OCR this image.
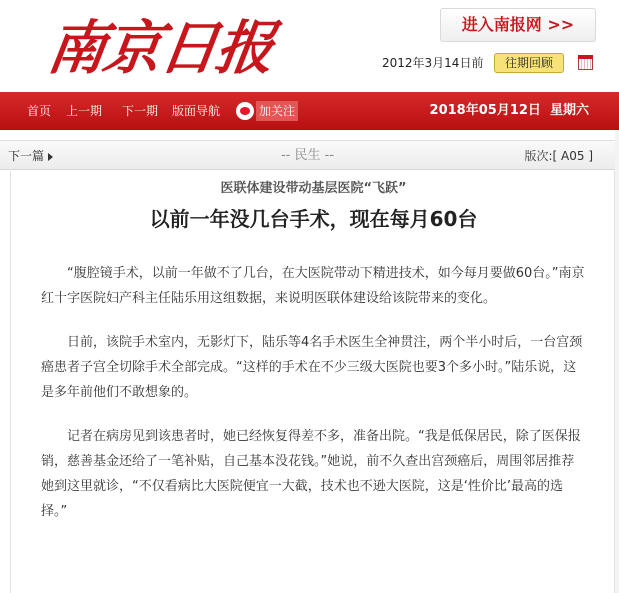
南京日报	进入南报网 >>
2012年3月14日前	往期回顾
首页 上一期 下一期 版面导航	加关注	2018年05月12日 星期六
下一篇	-- 民生 --	版次:[ A05 ]
医联体建设带动基层医院“飞跃”
以前一年没几台手术，现在每月60台

“腹腔镜手术，以前一年做不了几台，在大医院带动下精进技术，如今每月要做60台。”南京红十字医院妇产科主任陆乐用这组数据，来说明医联体建设给该院带来的变化。

日前，该院手术室内，无影灯下，陆乐等4名手术医生全神贯注，两个半小时后，一台宫颈癌患者子宫全切除手术全部完成。“这样的手术在不少三级大医院也要3个多小时。”陆乐说，这是多年前他们不敢想象的。

记者在病房见到该患者时，她已经恢复得差不多，准备出院。“我是低保居民，除了医保报销，慈善基金还给了一笔补贴，自己基本没花钱。”她说，前不久查出宫颈癌后，周围邻居推荐她到这里就诊，“不仅看病比大医院便宜一大截，技术也不逊大医院，这是‘性价比’最高的选择。”
